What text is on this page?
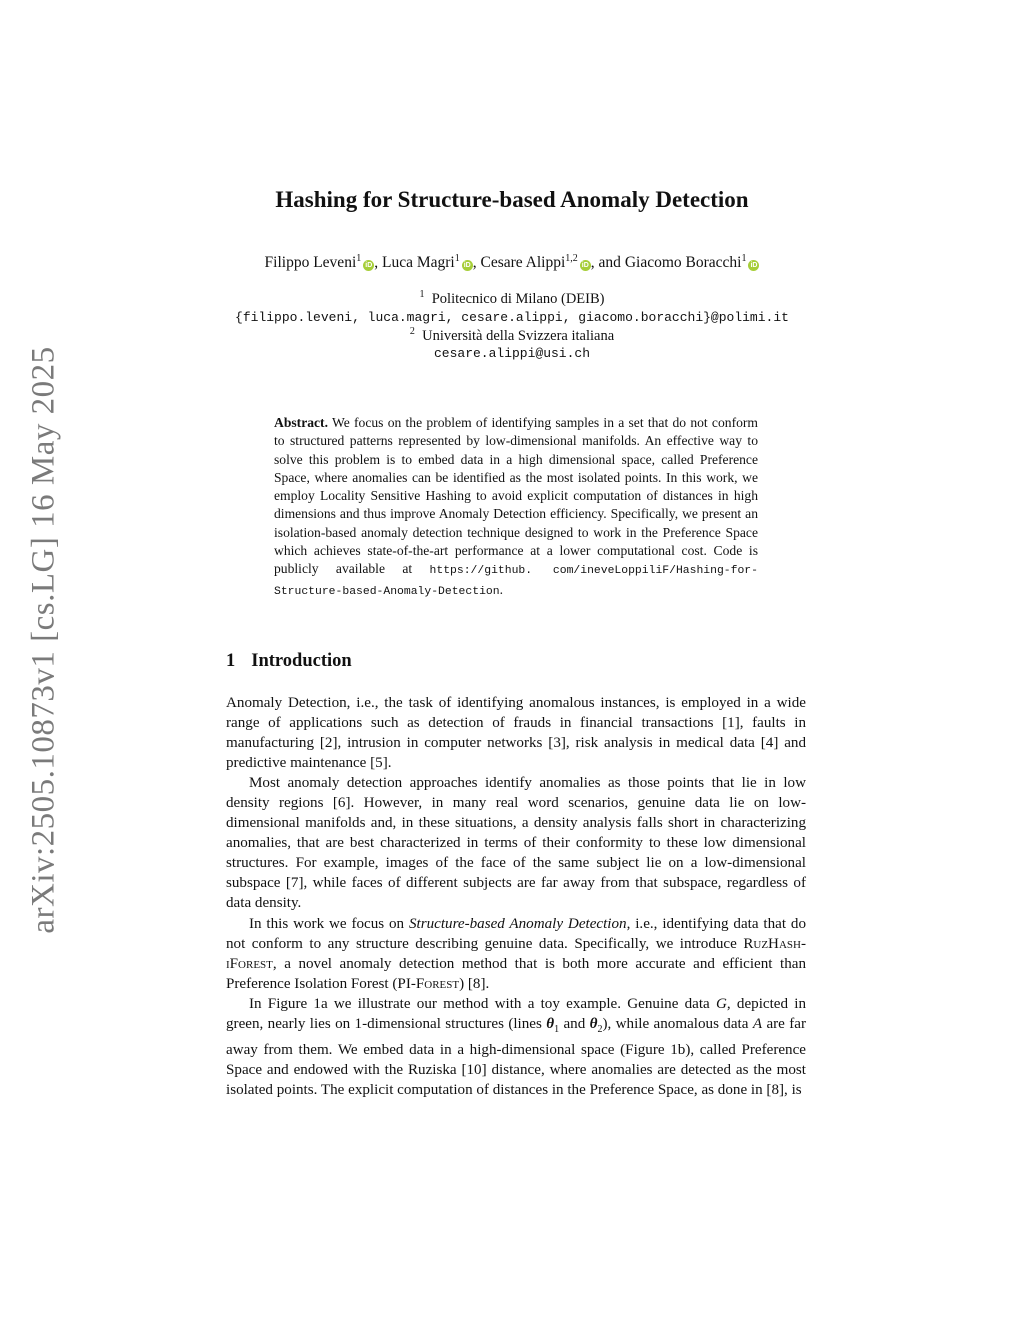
arXiv:2505.10873v1 [cs.LG] 16 May 2025
Hashing for Structure-based Anomaly Detection
Filippo Leveni$^1$iD , Luca Magri$^1$iD , Cesare Alippi$^{1,2}$iD , and Giacomo Boracchi$^1$iD
$^1$ Politecnico di Milano (DEIB)
{filippo.leveni, luca.magri, cesare.alippi, giacomo.boracchi}@polimi.it
$^2$ Università della Svizzera italiana
cesare.alippi@usi.ch
Abstract. We focus on the problem of identifying samples in a set that do not conform to structured patterns represented by low-dimensional manifolds. An effective way to solve this problem is to embed data in a high dimensional space, called Preference Space, where anomalies can be identified as the most isolated points. In this work, we employ Locality Sensitive Hashing to avoid explicit computation of distances in high dimensions and thus improve Anomaly Detection efficiency. Specifically, we present an isolation-based anomaly detection technique designed to work in the Preference Space which achieves state-of-the-art performance at a lower computational cost. Code is publicly available at https://github. com/ineveLoppiliF/Hashing-for-Structure-based-Anomaly-Detection.
1 Introduction

Anomaly Detection, i.e., the task of identifying anomalous instances, is employed in a wide range of applications such as detection of frauds in financial transactions [1], faults in manufacturing [2], intrusion in computer networks [3], risk analysis in medical data [4] and predictive maintenance [5].

Most anomaly detection approaches identify anomalies as those points that lie in low density regions [6]. However, in many real word scenarios, genuine data lie on low-dimensional manifolds and, in these situations, a density analysis falls short in characterizing anomalies, that are best characterized in terms of their conformity to these low dimensional structures. For example, images of the face of the same subject lie on a low-dimensional subspace [7], while faces of different subjects are far away from that subspace, regardless of data density.

In this work we focus on Structure-based Anomaly Detection, i.e., identifying data that do not conform to any structure describing genuine data. Specifically, we introduce RuzHash-iForest, a novel anomaly detection method that is both more accurate and efficient than Preference Isolation Forest (PI-Forest) [8].

In Figure 1a we illustrate our method with a toy example. Genuine data G, depicted in green, nearly lies on 1-dimensional structures (lines $\theta_1$ and $\theta_2$), while anomalous data A are far away from them. We embed data in a high-dimensional space (Figure 1b), called Preference Space and endowed with the Ruziska [10] distance, where anomalies are detected as the most isolated points. The explicit computation of distances in the Preference Space, as done in [8], is
